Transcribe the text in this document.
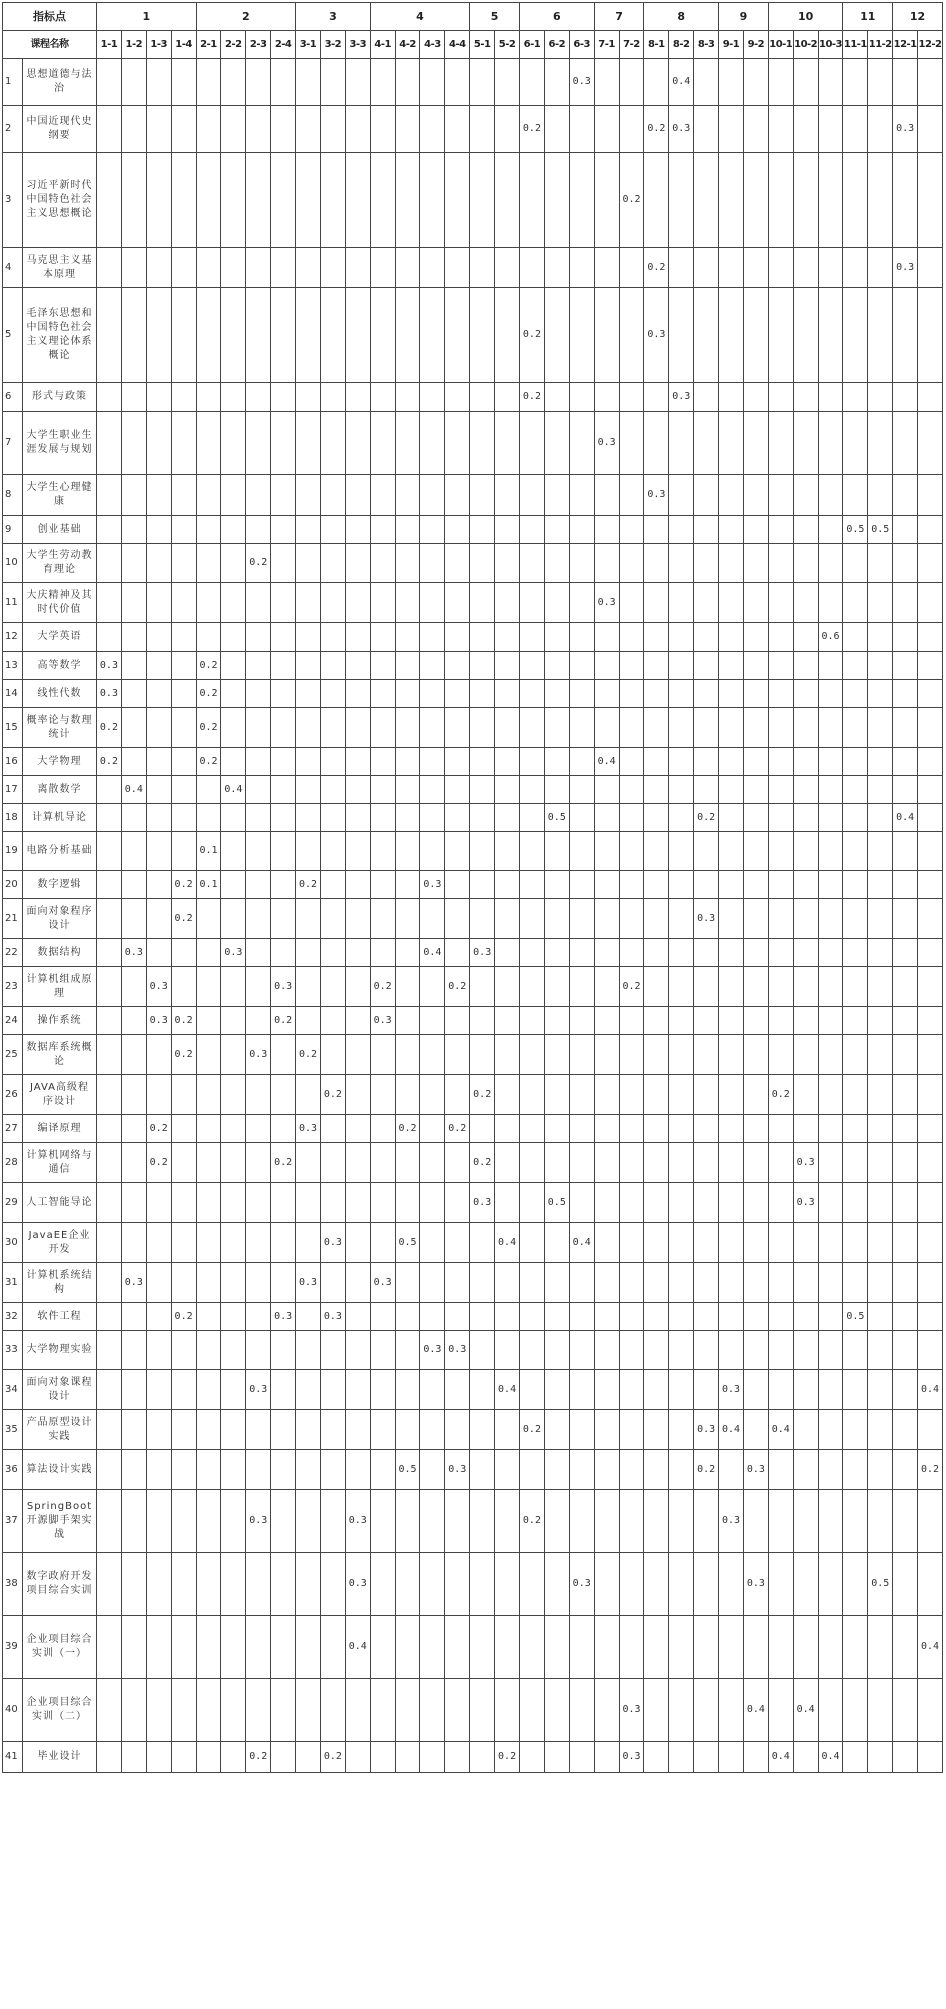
指标点		1				2				3			4				5		6			7		8			9		10			11		12	
课程名称		1-1	1-2	1-3	1-4	2-1	2-2	2-3	2-4	3-1	3-2	3-3	4-1	4-2	4-3	4-4	5-1	5-2	6-1	6-2	6-3	7-1	7-2	8-1	8-2	8-3	9-1	9-2	10-1	10-2	10-3	11-1	11-2	12-1	12-2
1	思想道德与法治																				0.3				0.4										
2	中国近现代史纲要																		0.2					0.2	0.3									0.3	
3	习近平新时代中国特色社会主义思想概论																						0.2												
4	马克思主义基本原理																							0.2										0.3	
5	毛泽东思想和中国特色社会主义理论体系概论																		0.2					0.3											
6	形式与政策																		0.2						0.3										
7	大学生职业生涯发展与规划																					0.3													
8	大学生心理健康																							0.3											
9	创业基础																															0.5	0.5		
10	大学生劳动教育理论							0.2																											
11	大庆精神及其时代价值																					0.3													
12	大学英语																														0.6				
13	高等数学	0.3				0.2																													
14	线性代数	0.3				0.2																													
15	概率论与数理统计	0.2				0.2																													
16	大学物理	0.2				0.2																0.4													
17	离散数学		0.4				0.4																												
18	计算机导论																			0.5						0.2								0.4	
19	电路分析基础					0.1																													
20	数字逻辑				0.2	0.1				0.2					0.3																				
21	面向对象程序设计				0.2																					0.3									
22	数据结构		0.3				0.3								0.4		0.3																		
23	计算机组成原理			0.3					0.3				0.2			0.2							0.2												
24	操作系统			0.3	0.2				0.2				0.3																						
25	数据库系统概论				0.2			0.3		0.2																									
26	JAVA高级程序设计										0.2						0.2												0.2						
27	编译原理			0.2						0.3				0.2		0.2																			
28	计算机网络与通信			0.2					0.2								0.2													0.3					
29	人工智能导论																0.3			0.5										0.3					
30	JavaEE企业开发										0.3			0.5				0.4			0.4														
31	计算机系统结构		0.3							0.3			0.3																						
32	软件工程				0.2				0.3		0.3																					0.5			
33	大学物理实验														0.3	0.3																			
34	面向对象课程设计							0.3										0.4									0.3								0.4
35	产品原型设计实践																		0.2							0.3	0.4		0.4						
36	算法设计实践													0.5		0.3										0.2		0.3							0.2
37	SpringBoot开源脚手架实战							0.3				0.3							0.2								0.3								
38	数字政府开发项目综合实训											0.3									0.3							0.3					0.5		
39	企业项目综合实训（一）											0.4																							0.4
40	企业项目综合实训（二）																						0.3					0.4		0.4					
41	毕业设计							0.2			0.2							0.2					0.3						0.4		0.4				
